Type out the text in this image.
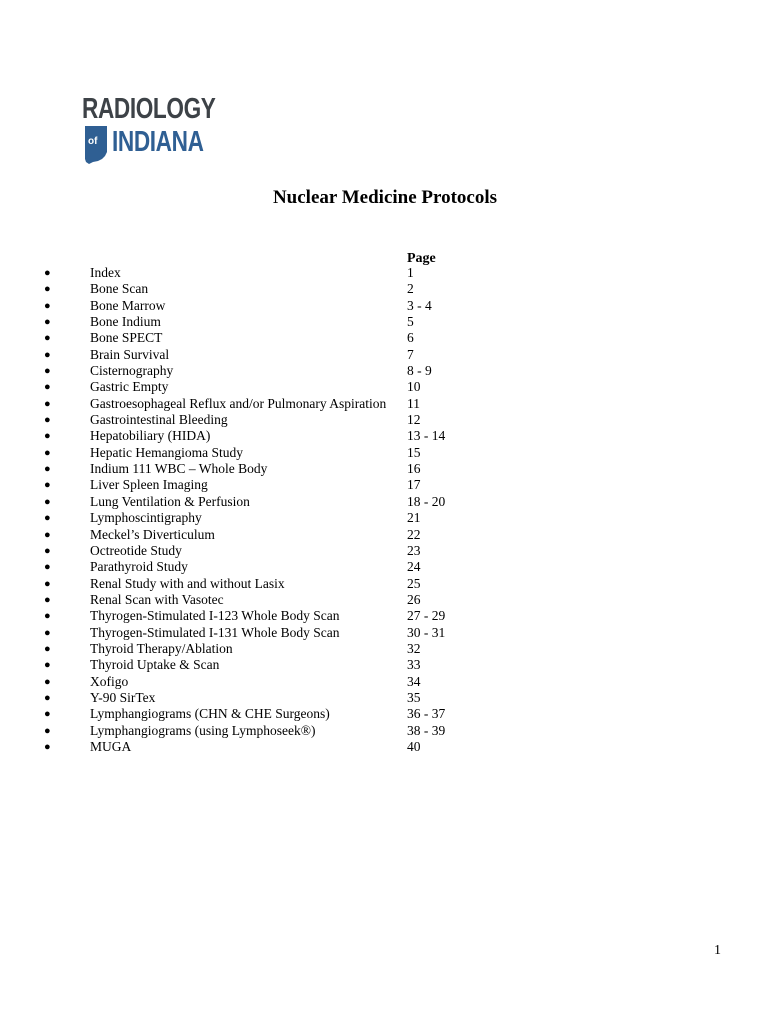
RADIOLOGY
of INDIANA
Nuclear Medicine Protocols
Page
●	Index	1
●	Bone Scan	2
●	Bone Marrow	3 - 4
●	Bone Indium	5
●	Bone SPECT	6
●	Brain Survival	7
●	Cisternography	8 - 9
●	Gastric Empty	10
●	Gastroesophageal Reflux and/or Pulmonary Aspiration 11
●	Gastrointestinal Bleeding	12
●	Hepatobiliary (HIDA)	13 - 14
●	Hepatic Hemangioma Study	15
●	Indium 111 WBC – Whole Body	16
●	Liver Spleen Imaging	17
●	Lung Ventilation & Perfusion	18 - 20
●	Lymphoscintigraphy	21
●	Meckel’s Diverticulum	22
●	Octreotide Study	23
●	Parathyroid Study	24
●	Renal Study with and without Lasix	25
●	Renal Scan with Vasotec	26
●	Thyrogen-Stimulated I-123 Whole Body Scan	27 - 29
●	Thyrogen-Stimulated I-131 Whole Body Scan	30 - 31
●	Thyroid Therapy/Ablation	32
●	Thyroid Uptake & Scan	33
●	Xofigo	34
●	Y-90 SirTex	35
●	Lymphangiograms (CHN & CHE Surgeons)	36 - 37
●	Lymphangiograms (using Lymphoseek®)	38 - 39
●	MUGA	40
1
